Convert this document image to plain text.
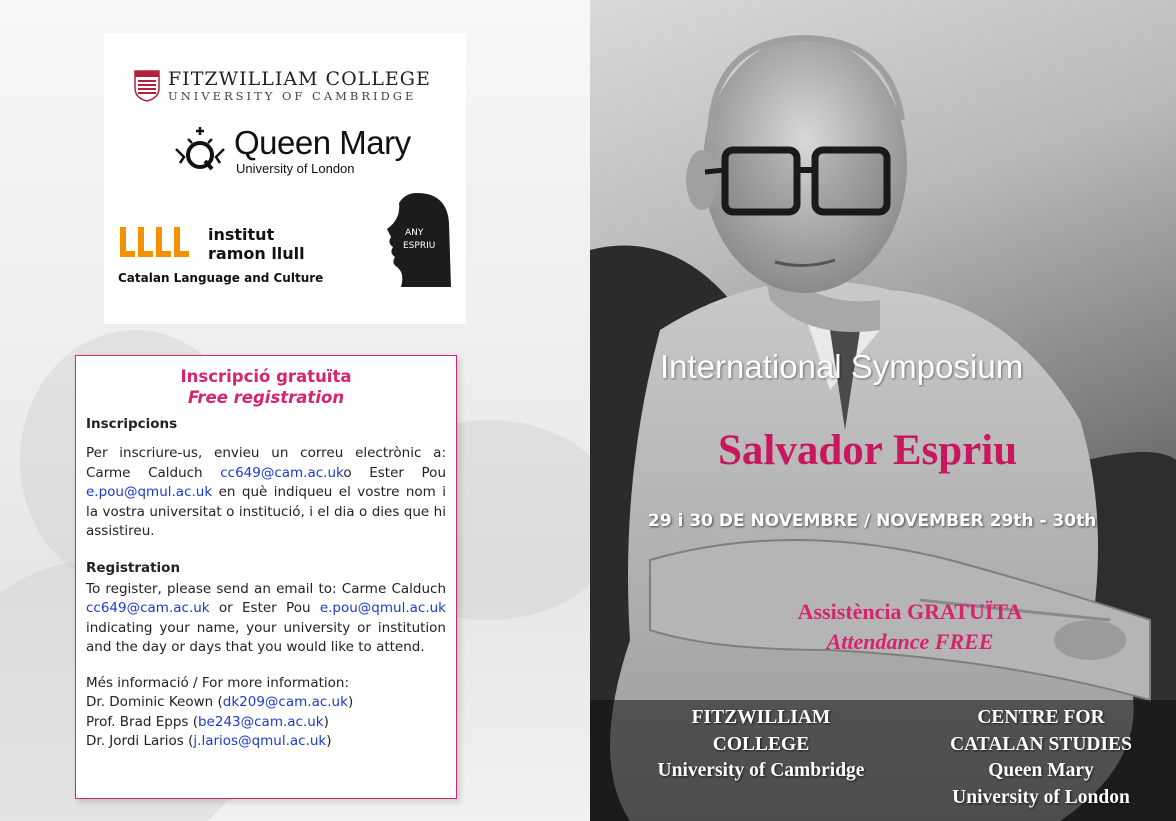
FITZWILLIAM COLLEGE
UNIVERSITY OF CAMBRIDGE
Queen Mary
University of London
institut
ramon llull
Catalan Language and Culture
ANY
ESPRIU
Inscripció gratuïta
Free registration
Inscripcions

Per inscriure-us, envieu un correu electrònic a: Carme Calduch cc649@cam.ac.uko Ester Pou e.pou@qmul.ac.uk en què indiqueu el vostre nom i la vostra universitat o institució, i el dia o dies que hi assistireu.

Registration

To register, please send an email to: Carme Calduch cc649@cam.ac.uk or Ester Pou e.pou@qmul.ac.uk indicating your name, your university or institution and the day or days that you would like to attend.

Més informació / For more information:
Dr. Dominic Keown (dk209@cam.ac.uk)
Prof. Brad Epps (be243@cam.ac.uk)
Dr. Jordi Larios (j.larios@qmul.ac.uk)
International Symposium
Salvador Espriu
29 i 30 DE NOVEMBRE / NOVEMBER 29th - 30th
Assistència GRATUÏTA
Attendance FREE
FITZWILLIAM
COLLEGE
University of Cambridge
CENTRE FOR
CATALAN STUDIES
Queen Mary
University of London
